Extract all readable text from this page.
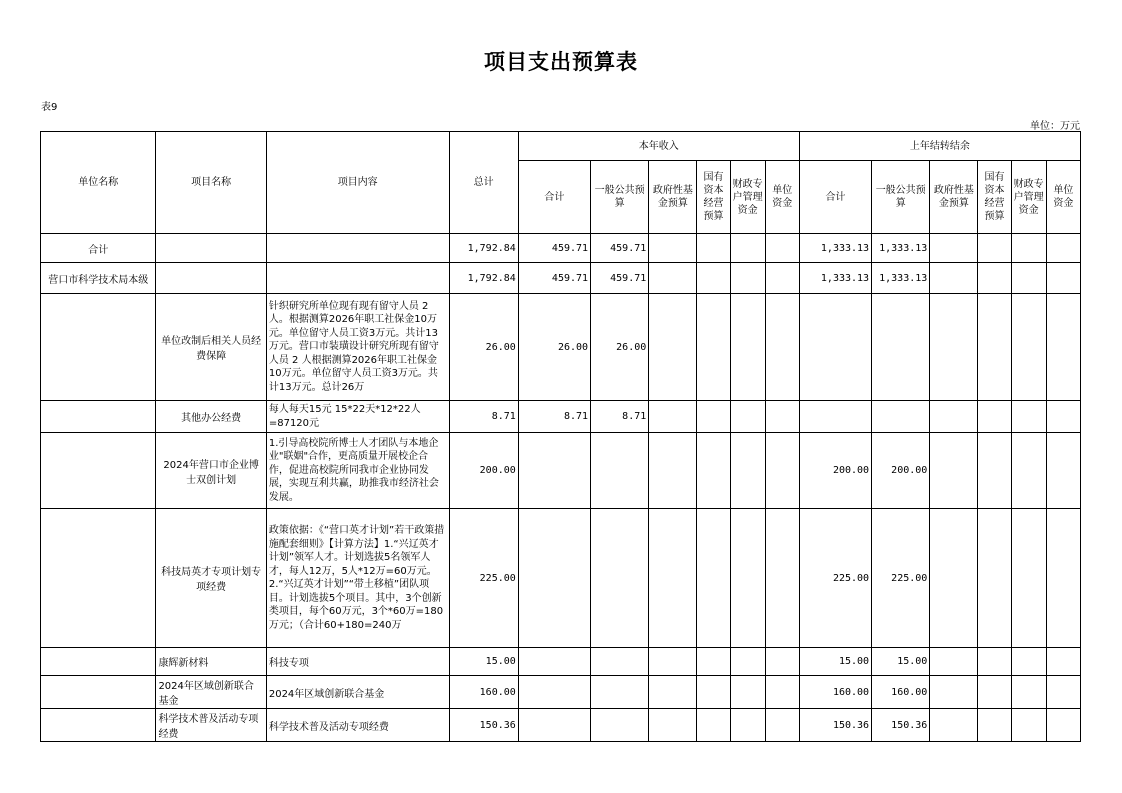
项目支出预算表
表9
单位：万元
单位名称	项目名称	项目内容	总计	本年收入						上年结转结余					
				合计	一般公共预算	政府性基金预算	国有资本经营预算	财政专户管理资金	单位资金	合计	一般公共预算	政府性基金预算	国有资本经营预算	财政专户管理资金	单位资金
合计			1,792.84	459.71	459.71					1,333.13	1,333.13				
营口市科学技术局本级			1,792.84	459.71	459.71					1,333.13	1,333.13				
	单位改制后相关人员经费保障	针织研究所单位现有现有留守人员 2人。根据测算2026年职工社保金10万元。单位留守人员工资3万元。共计13万元。营口市装璜设计研究所现有留守人员 2 人根据测算2026年职工社保金10万元。单位留守人员工资3万元。共计13万元。总计26万	26.00	26.00	26.00										
	其他办公经费	每人每天15元 15*22天*12*22人=87120元	8.71	8.71	8.71										
	2024年营口市企业博士双创计划	1.引导高校院所博士人才团队与本地企业"联姻"合作，更高质量开展校企合作，促进高校院所同我市企业协同发展，实现互利共赢，助推我市经济社会发展。	200.00							200.00	200.00				
	科技局英才专项计划专项经费	政策依据：《“营口英才计划”若干政策措施配套细则》【计算方法】1.“兴辽英才计划”领军人才。计划选拔5名领军人才，每人12万，5人*12万=60万元。2.“兴辽英才计划”“带土移植”团队项目。计划选拔5个项目。其中，3个创新类项目，每个60万元，3个*60万=180万元；（合计60+180=240万	225.00							225.00	225.00				
	康辉新材料	科技专项	15.00							15.00	15.00				
	2024年区域创新联合基金	2024年区域创新联合基金	160.00							160.00	160.00				
	科学技术普及活动专项经费	科学技术普及活动专项经费	150.36							150.36	150.36				
